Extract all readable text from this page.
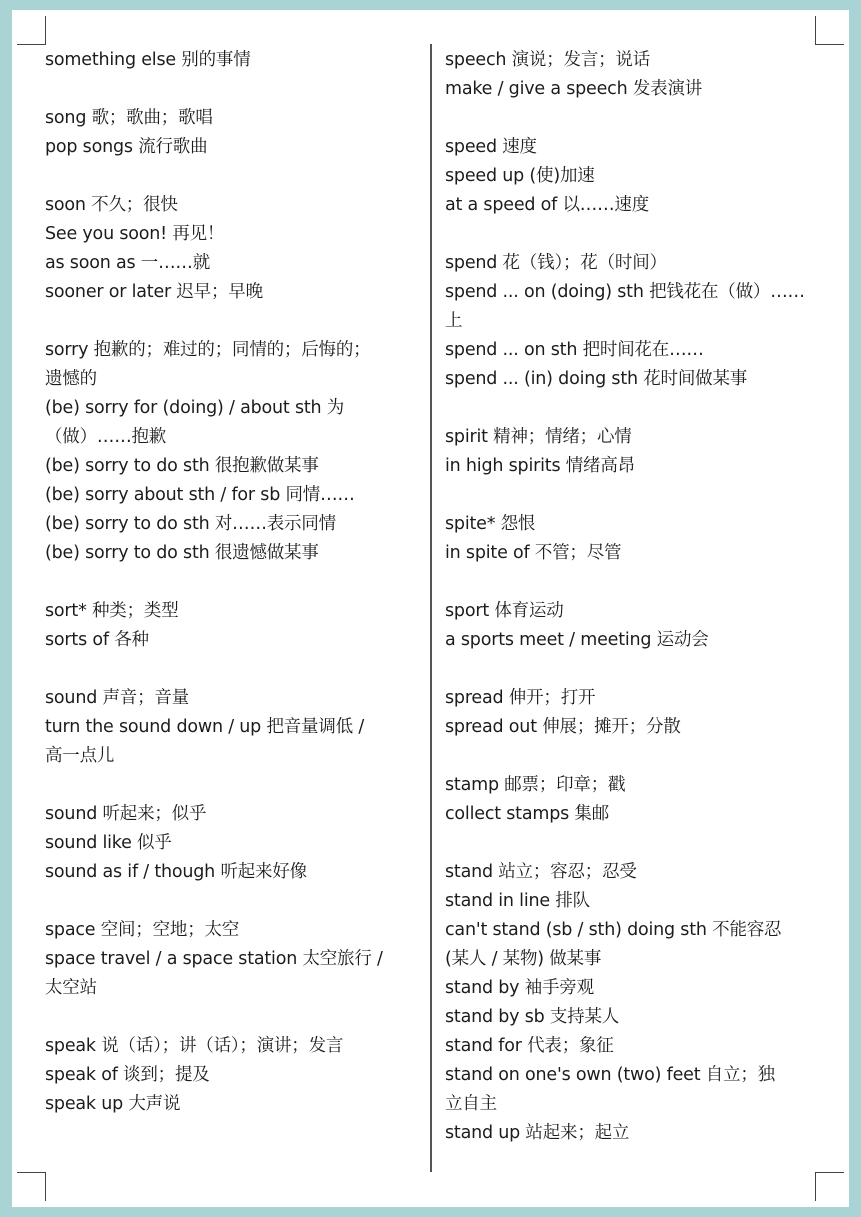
something else 别的事情
song 歌；歌曲；歌唱
pop songs 流行歌曲
soon 不久；很快
See you soon! 再见！
as soon as 一……就
sooner or later 迟早；早晚
sorry 抱歉的；难过的；同情的；后悔的；
遗憾的
(be) sorry for (doing) / about sth 为
（做）……抱歉
(be) sorry to do sth 很抱歉做某事
(be) sorry about sth / for sb 同情……
(be) sorry to do sth 对……表示同情
(be) sorry to do sth 很遗憾做某事
sort* 种类；类型
sorts of 各种
sound 声音；音量
turn the sound down / up 把音量调低 /
高一点儿
sound 听起来；似乎
sound like 似乎
sound as if / though 听起来好像
space 空间；空地；太空
space travel / a space station 太空旅行 /
太空站
speak 说（话）；讲（话）；演讲；发言
speak of 谈到；提及
speak up 大声说
speech 演说；发言；说话
make / give a speech 发表演讲
speed 速度
speed up (使)加速
at a speed of 以……速度
spend 花（钱）；花（时间）
spend ... on (doing) sth 把钱花在（做）……
上
spend ... on sth 把时间花在……
spend ... (in) doing sth 花时间做某事
spirit 精神；情绪；心情
in high spirits 情绪高昂
spite* 怨恨
in spite of 不管；尽管
sport 体育运动
a sports meet / meeting 运动会
spread 伸开；打开
spread out 伸展；摊开；分散
stamp 邮票；印章；戳
collect stamps 集邮
stand 站立；容忍；忍受
stand in line 排队
can't stand (sb / sth) doing sth 不能容忍
(某人 / 某物) 做某事
stand by 袖手旁观
stand by sb 支持某人
stand for 代表；象征
stand on one's own (two) feet 自立；独
立自主
stand up 站起来；起立
